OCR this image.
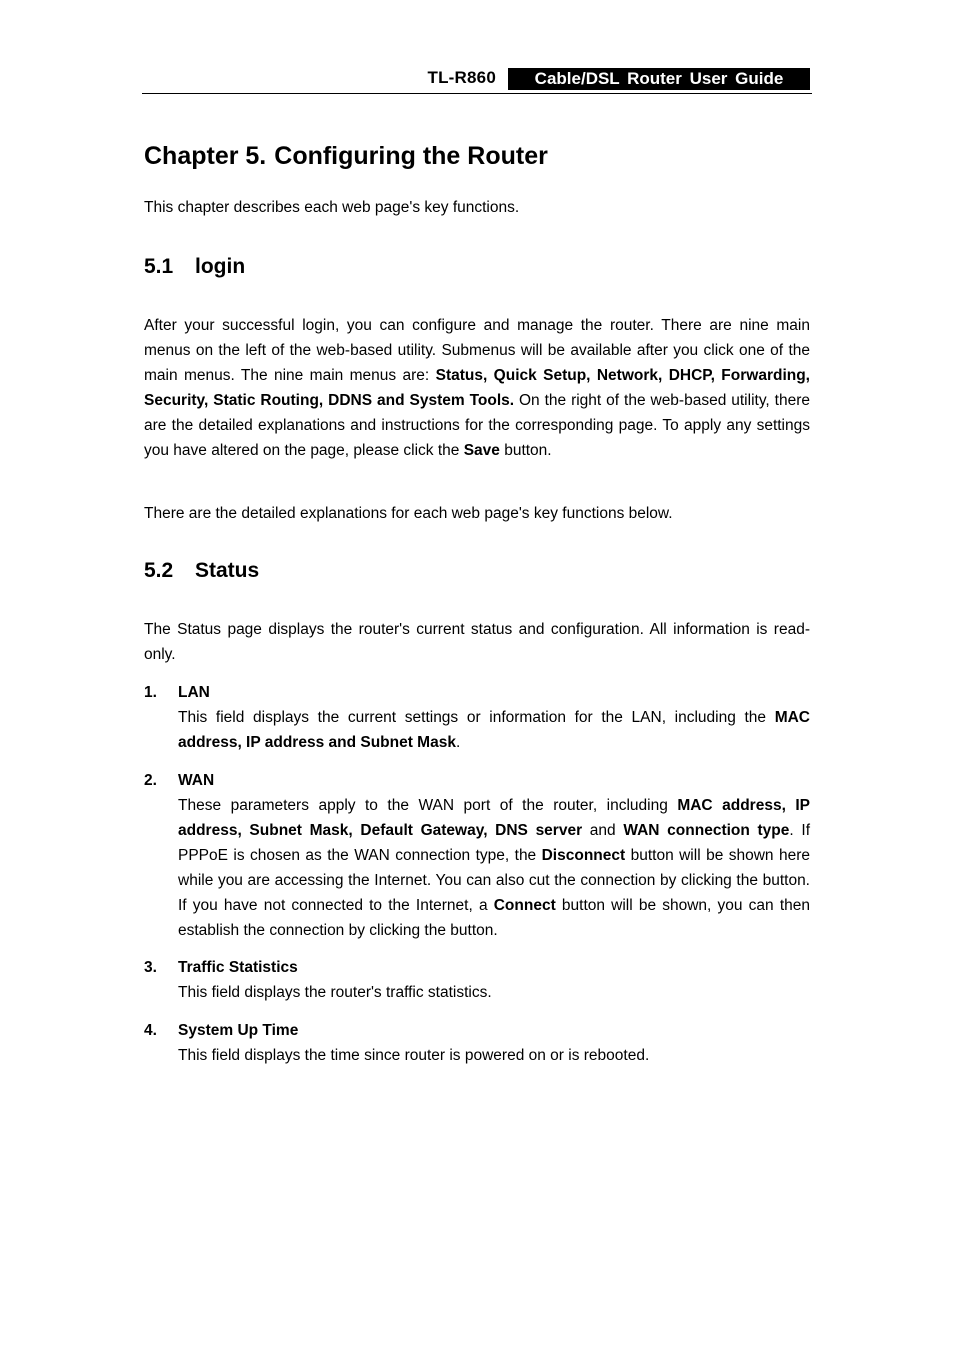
TL-R860	Cable/DSL Router User Guide
Chapter 5. Configuring the Router

This chapter describes each web page's key functions.

5.1 login

After your successful login, you can configure and manage the router. There are nine main menus on the left of the web-based utility. Submenus will be available after you click one of the main menus. The nine main menus are: Status, Quick Setup, Network, DHCP, Forwarding, Security, Static Routing, DDNS and System Tools. On the right of the web-based utility, there are the detailed explanations and instructions for the corresponding page. To apply any settings you have altered on the page, please click the Save button.

There are the detailed explanations for each web page's key functions below.

5.2 Status

The Status page displays the router's current status and configuration. All information is read-only.

1. LAN

This field displays the current settings or information for the LAN, including the MAC address, IP address and Subnet Mask.

2. WAN

These parameters apply to the WAN port of the router, including MAC address, IP address, Subnet Mask, Default Gateway, DNS server and WAN connection type. If PPPoE is chosen as the WAN connection type, the Disconnect button will be shown here while you are accessing the Internet. You can also cut the connection by clicking the button. If you have not connected to the Internet, a Connect button will be shown, you can then establish the connection by clicking the button.

3. Traffic Statistics

This field displays the router's traffic statistics.

4. System Up Time

This field displays the time since router is powered on or is rebooted.
